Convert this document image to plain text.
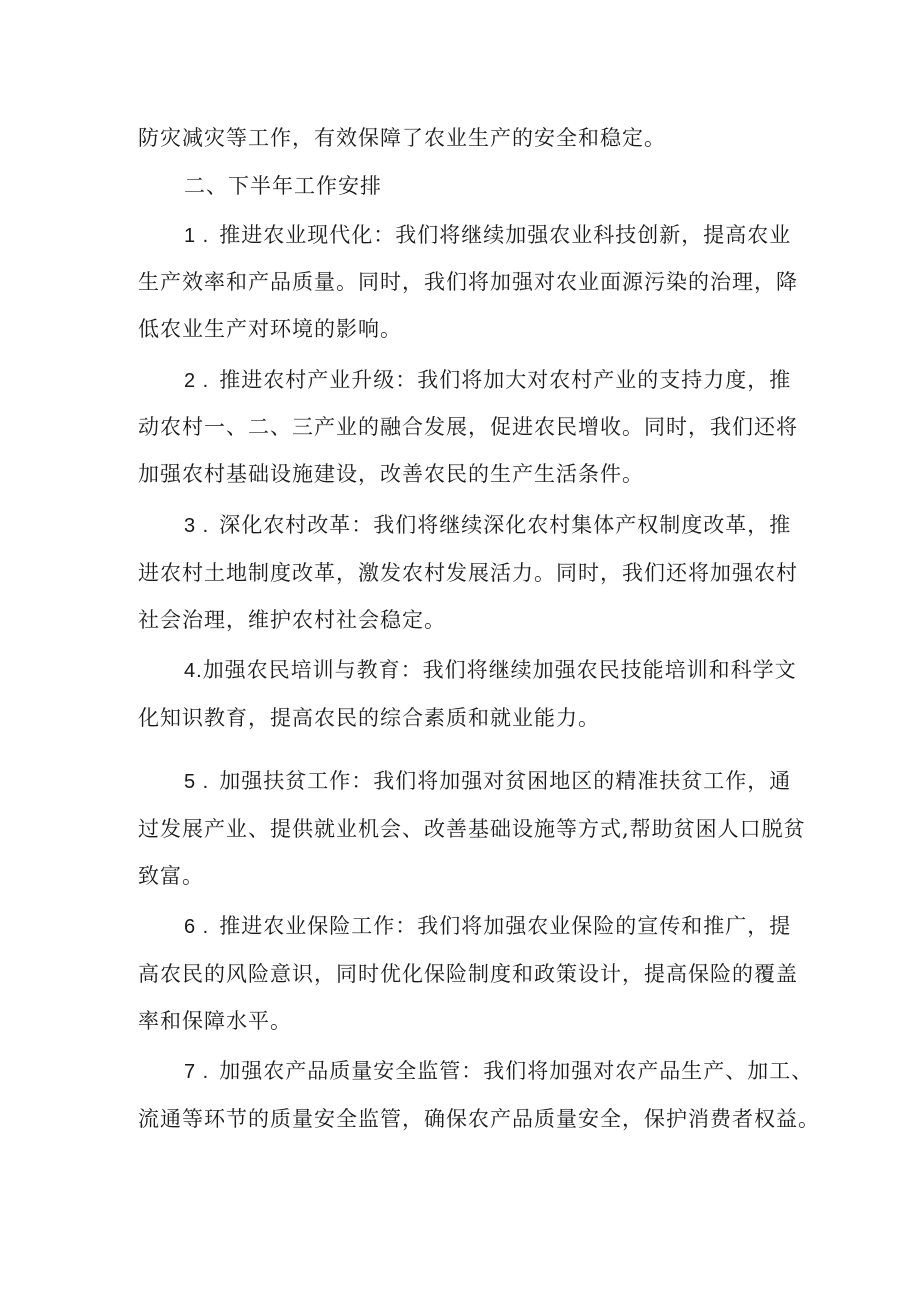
防灾减灾等工作，有效保障了农业生产的安全和稳定。
二、下半年工作安排
1 . 推进农业现代化：我们将继续加强农业科技创新，提高农业
生产效率和产品质量。同时，我们将加强对农业面源污染的治理，降
低农业生产对环境的影响。
2 . 推进农村产业升级：我们将加大对农村产业的支持力度，推
动农村一、二、三产业的融合发展，促进农民增收。同时，我们还将
加强农村基础设施建设，改善农民的生产生活条件。
3 . 深化农村改革：我们将继续深化农村集体产权制度改革，推
进农村土地制度改革，激发农村发展活力。同时，我们还将加强农村
社会治理，维护农村社会稳定。
4.加强农民培训与教育：我们将继续加强农民技能培训和科学文
化知识教育，提高农民的综合素质和就业能力。
5 . 加强扶贫工作：我们将加强对贫困地区的精准扶贫工作，通
过发展产业、提供就业机会、改善基础设施等方式,帮助贫困人口脱贫
致富。
6 . 推进农业保险工作：我们将加强农业保险的宣传和推广，提
高农民的风险意识，同时优化保险制度和政策设计，提高保险的覆盖
率和保障水平。
7 . 加强农产品质量安全监管：我们将加强对农产品生产、加工、
流通等环节的质量安全监管，确保农产品质量安全，保护消费者权益。
